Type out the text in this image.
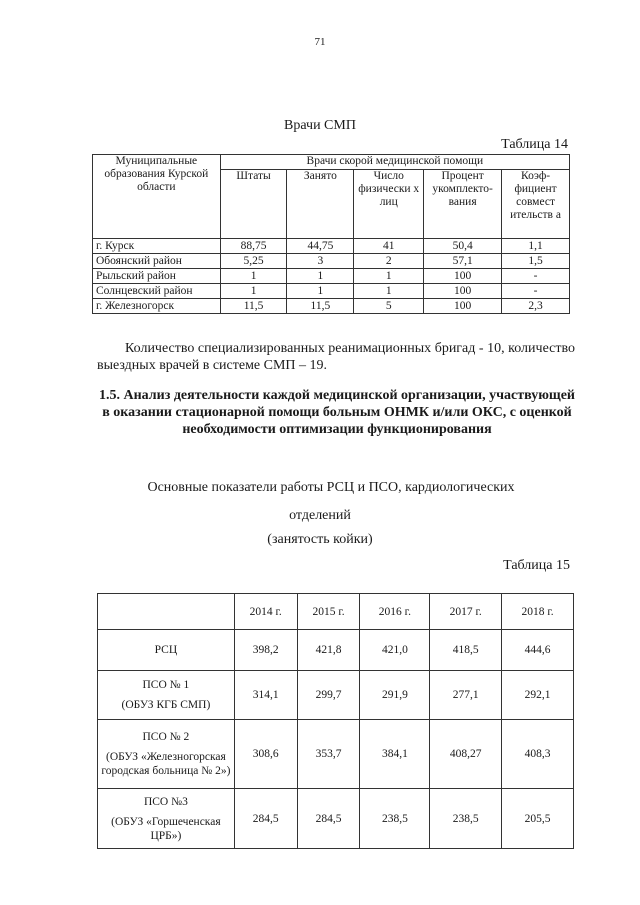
71
Врачи СМП
Таблица 14
Муниципальные образования Курской области	Врачи скорой медицинской помощи				
	Штаты	Занято	Число физически х лиц	Процент укомплекто- вания	Коэф- фициент совмест ительств а
г. Курск	88,75	44,75	41	50,4	1,1
Обоянский район	5,25	3	2	57,1	1,5
Рыльский район	1	1	1	100	-
Солнцевский район	1	1	1	100	-
г. Железногорск	11,5	11,5	5	100	2,3
Количество специализированных реанимационных бригад - 10, количество выездных врачей в системе СМП – 19.
1.5. Анализ деятельности каждой медицинской организации, участвующей в оказании стационарной помощи больным ОНМК и/или ОКС, с оценкой необходимости оптимизации функционирования
Основные показатели работы РСЦ и ПСО, кардиологических
отделений
(занятость койки)
Таблица 15
	2014 г.	2015 г.	2016 г.	2017 г.	2018 г.
РСЦ	398,2	421,8	421,0	418,5	444,6
ПСО № 1
(ОБУЗ КГБ СМП)	314,1	299,7	291,9	277,1	292,1
ПСО № 2
(ОБУЗ «Железногорская городская больница № 2»)	308,6	353,7	384,1	408,27	408,3
ПСО №3
(ОБУЗ «Горшеченская ЦРБ»)	284,5	284,5	238,5	238,5	205,5
